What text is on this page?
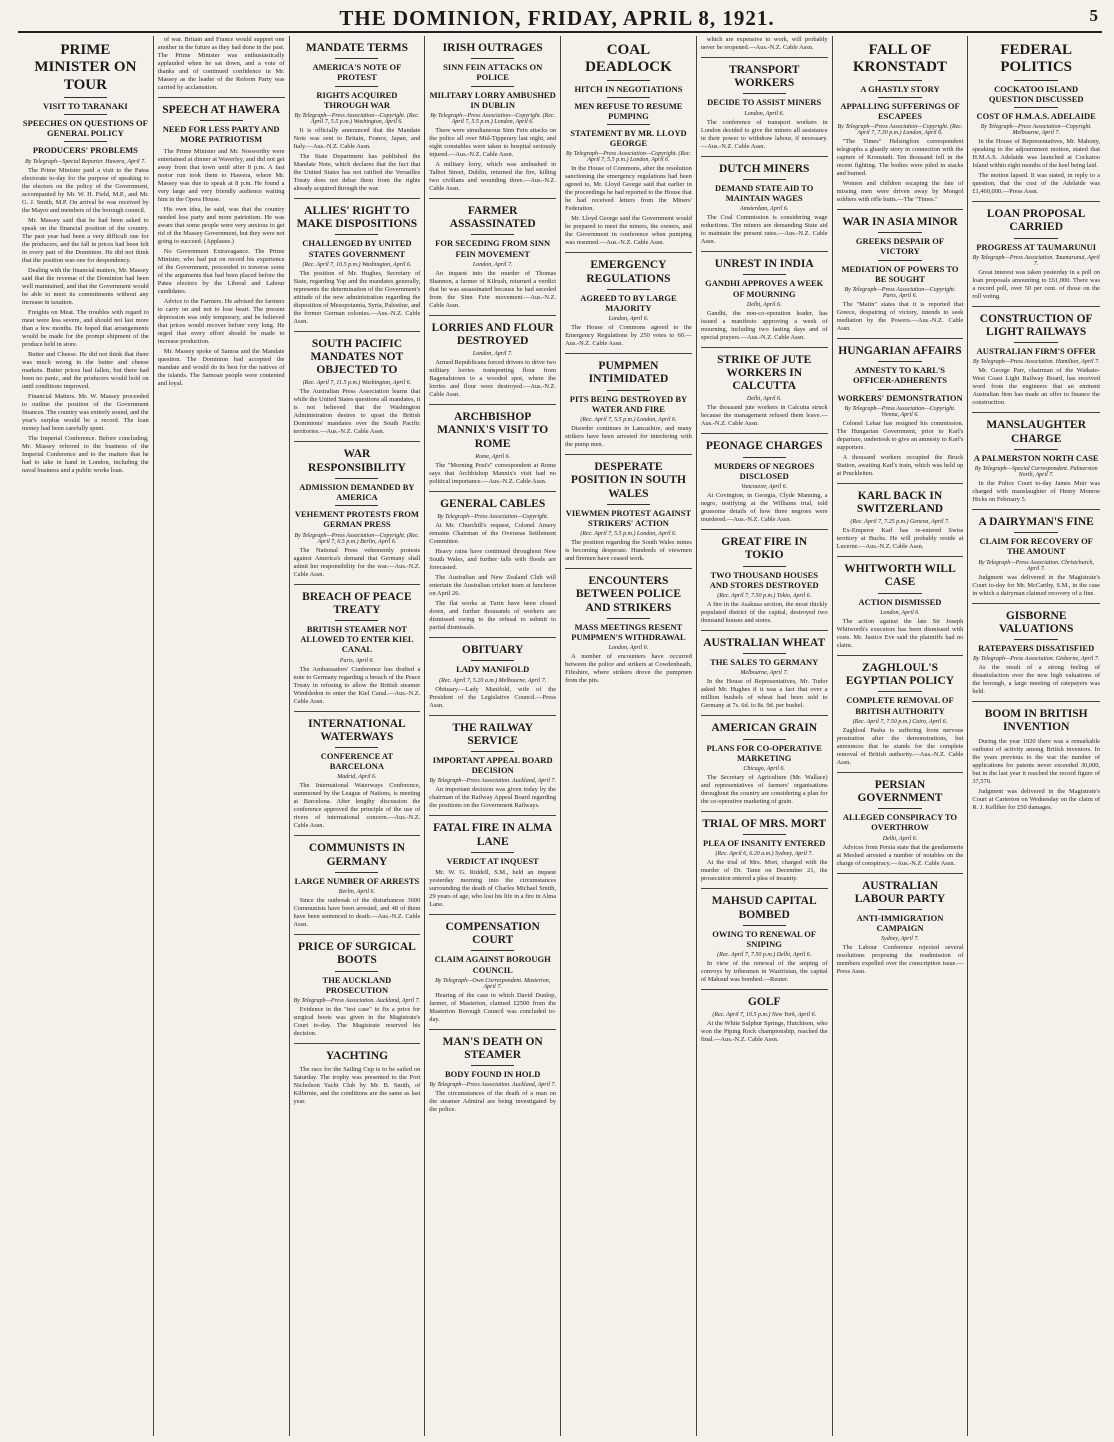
THE DOMINION, FRIDAY, APRIL 8, 1921.	5
PRIME MINISTER ON TOUR
VISIT TO TARANAKI
SPEECHES ON QUESTIONS OF GENERAL POLICY
PRODUCERS' PROBLEMS
By Telegraph—Special Reporter. Hawera, April 7.

The Prime Minister paid a visit to the Patea electorate to-day for the purpose of speaking to the electors on the policy of the Government, accompanied by Mr. W. H. Field, M.P., and Mr. G. J. Smith, M.P. On arrival he was received by the Mayor and members of the borough council.

Mr. Massey said that he had been asked to speak on the financial position of the country. The past year had been a very difficult one for the producers, and the fall in prices had been felt in every part of the Dominion. He did not think that the position was one for despondency.

Dealing with the financial matters, Mr. Massey said that the revenue of the Dominion had been well maintained, and that the Government would be able to meet its commitments without any increase in taxation.

Freights on Meat. The troubles with regard to meat were less severe, and should not last more than a few months. He hoped that arrangements would be made for the prompt shipment of the produce held in store.

Butter and Cheese. He did not think that there was much wrong in the butter and cheese markets. Butter prices had fallen, but there had been no panic, and the producers would hold on until conditions improved.

Financial Matters. Mr. W. Massey proceeded to outline the position of the Government finances. The country was entirely sound, and the year's surplus would be a record. The loan money had been carefully spent.

The Imperial Conference. Before concluding, Mr. Massey referred to the business of the Imperial Conference and to the matters that he had to take in hand in London, including the naval business and a public works loan.

of war. Britain and France would support one another in the future as they had done in the past. The Prime Minister was enthusiastically applauded when he sat down, and a vote of thanks and of continued confidence in Mr. Massey as the leader of the Reform Party was carried by acclamation.

SPEECH AT HAWERA
NEED FOR LESS PARTY AND MORE PATRIOTISM

The Prime Minister and Mr. Nosworthy were entertained at dinner at Waverley, and did not get away from that town until after 8 p.m. A fast motor run took them to Hawera, where Mr. Massey was due to speak at 8 p.m. He found a very large and very friendly audience waiting him in the Opera House.

His own idea, he said, was that the country needed less party and more patriotism. He was aware that some people were very anxious to get rid of the Massey Government, but they were not going to succeed. (Applause.)

No Government Extravagance. The Prime Minister, who had put on record his experience of the Government, proceeded to traverse some of the arguments that had been placed before the Patea electors by the Liberal and Labour candidates.

Advice to the Farmers. He advised the farmers to carry on and not to lose heart. The present depression was only temporary, and he believed that prices would recover before very long. He urged that every effort should be made to increase production.

Mr. Massey spoke of Samoa and the Mandate question. The Dominion had accepted the mandate and would do its best for the natives of the islands. The Samoan people were contented and loyal.

MANDATE TERMS
AMERICA'S NOTE OF PROTEST
RIGHTS ACQUIRED THROUGH WAR
By Telegraph—Press Association—Copyright. (Rec. April 7, 5.5 p.m.) Washington, April 6.

It is officially announced that the Mandate Note was sent to Britain, France, Japan, and Italy.—Aus.-N.Z. Cable Assn.

The State Department has published the Mandate Note, which declares that the fact that the United States has not ratified the Versailles Treaty does not debar them from the rights already acquired through the war.

ALLIES' RIGHT TO MAKE DISPOSITIONS
CHALLENGED BY UNITED STATES GOVERNMENT
(Rec. April 7, 10.5 p.m.) Washington, April 6.

The position of Mr. Hughes, Secretary of State, regarding Yap and the mandates generally, represents the determination of the Government's attitude of the new administration regarding the disposition of Mesopotamia, Syria, Palestine, and the former German colonies.—Aus.-N.Z. Cable Assn.

SOUTH PACIFIC MANDATES NOT OBJECTED TO
(Rec. April 7, 11.5 p.m.) Washington, April 6.

The Australian Press Association learns that while the United States questions all mandates, it is not believed that the Washington Administration desires to upset the British Dominions' mandates over the South Pacific territories.—Aus.-N.Z. Cable Assn.

WAR RESPONSIBILITY
ADMISSION DEMANDED BY AMERICA
VEHEMENT PROTESTS FROM GERMAN PRESS
By Telegraph—Press Association—Copyright. (Rec. April 7, 6.5 p.m.) Berlin, April 6.

The National Press vehemently protests against America's demand that Germany shall admit her responsibility for the war.—Aus.-N.Z. Cable Assn.

BREACH OF PEACE TREATY
BRITISH STEAMER NOT ALLOWED TO ENTER KIEL CANAL
Paris, April 6.

The Ambassadors' Conference has drafted a note to Germany regarding a breach of the Peace Treaty in refusing to allow the British steamer Wimbledon to enter the Kiel Canal.—Aus.-N.Z. Cable Assn.

INTERNATIONAL WATERWAYS
CONFERENCE AT BARCELONA
Madrid, April 6.

The International Waterways Conference, summoned by the League of Nations, is meeting at Barcelona. After lengthy discussion the conference approved the principle of the use of rivers of international concern.—Aus.-N.Z. Cable Assn.

COMMUNISTS IN GERMANY
LARGE NUMBER OF ARRESTS
Berlin, April 6.

Since the outbreak of the disturbances 3600 Communists have been arrested, and 48 of them have been sentenced to death.—Aus.-N.Z. Cable Assn.

PRICE OF SURGICAL BOOTS
THE AUCKLAND PROSECUTION
By Telegraph—Press Association. Auckland, April 7.

Evidence in the "test case" to fix a price for surgical boots was given in the Magistrate's Court to-day. The Magistrate reserved his decision.

YACHTING

The race for the Sailing Cup is to be sailed on Saturday. The trophy was presented to the Port Nicholson Yacht Club by Mr. B. Smith, of Kilbirnie, and the conditions are the same as last year.

IRISH OUTRAGES
SINN FEIN ATTACKS ON POLICE
MILITARY LORRY AMBUSHED IN DUBLIN
By Telegraph—Press Association—Copyright. (Rec. April 7, 5.5 p.m.) London, April 6.

There were simultaneous Sinn Fein attacks on the police all over Mid-Tipperary last night, and eight constables were taken to hospital seriously injured.—Aus.-N.Z. Cable Assn.

A military lorry, which was ambushed in Talbot Street, Dublin, returned the fire, killing two civilians and wounding three.—Aus.-N.Z. Cable Assn.

FARMER ASSASSINATED
FOR SECEDING FROM SINN FEIN MOVEMENT
London, April 7.

An inquest into the murder of Thomas Shannon, a farmer of Kilrush, returned a verdict that he was assassinated because he had seceded from the Sinn Fein movement.—Aus.-N.Z. Cable Assn.

LORRIES AND FLOUR DESTROYED
London, April 7.

Armed Republicans forced drivers to drive two military lorries transporting flour from Bagenalstown to a wooded spot, where the lorries and flour were destroyed.—Aus.-N.Z. Cable Assn.

ARCHBISHOP MANNIX'S VISIT TO ROME
Rome, April 6.

The "Morning Post's" correspondent at Rome says that Archbishop Mannix's visit had no political importance.—Aus.-N.Z. Cable Assn.

GENERAL CABLES
By Telegraph—Press Association—Copyright.

At Mr. Churchill's request, Colonel Amery remains Chairman of the Overseas Settlement Committee.

Heavy rains have continued throughout New South Wales, and further falls with floods are forecasted.

The Australian and New Zealand Club will entertain the Australian cricket team at luncheon on April 26.

The flat works at Turin have been closed down, and further thousands of workers are dismissed owing to the refusal to submit to partial dismissals.

OBITUARY
LADY MANIFOLD
(Rec. April 7, 5.20 a.m.) Melbourne, April 7.

Obituary.—Lady Manifold, wife of the President of the Legislative Council.—Press Assn.

THE RAILWAY SERVICE
IMPORTANT APPEAL BOARD DECISION
By Telegraph—Press Association. Auckland, April 7.

An important decision was given today by the chairman of the Railway Appeal Board regarding the positions on the Government Railways.

FATAL FIRE IN ALMA LANE
VERDICT AT INQUEST

Mr. W. G. Riddell, S.M., held an inquest yesterday morning into the circumstances surrounding the death of Charles Michael Smith, 29 years of age, who lost his life in a fire in Alma Lane.

COMPENSATION COURT
CLAIM AGAINST BOROUGH COUNCIL
By Telegraph—Own Correspondent. Masterton, April 7.

Hearing of the case in which David Dunlop, farmer, of Masterton, claimed £2500 from the Masterton Borough Council was concluded to-day.

MAN'S DEATH ON STEAMER
BODY FOUND IN HOLD
By Telegraph—Press Association. Auckland, April 7.

The circumstances of the death of a man on the steamer Admiral are being investigated by the police.

COAL DEADLOCK
HITCH IN NEGOTIATIONS
MEN REFUSE TO RESUME PUMPING
STATEMENT BY MR. LLOYD GEORGE
By Telegraph—Press Association—Copyright. (Rec. April 7, 5.5 p.m.) London, April 6.

In the House of Commons, after the resolution sanctioning the emergency regulations had been agreed to, Mr. Lloyd George said that earlier in the proceedings he had reported to the House that he had received letters from the Miners' Federation.

Mr. Lloyd George said the Government would be prepared to meet the miners, the owners, and the Government in conference when pumping was resumed.—Aus.-N.Z. Cable Assn.

EMERGENCY REGULATIONS
AGREED TO BY LARGE MAJORITY
London, April 6.

The House of Commons agreed to the Emergency Regulations by 250 votes to 60.—Aus.-N.Z. Cable Assn.

PUMPMEN INTIMIDATED
PITS BEING DESTROYED BY WATER AND FIRE
(Rec. April 7, 5.5 p.m.) London, April 6.

Disorder continues in Lancashire, and many strikers have been arrested for interfering with the pump men.

DESPERATE POSITION IN SOUTH WALES
VIEWMEN PROTEST AGAINST STRIKERS' ACTION
(Rec. April 7, 5.5 p.m.) London, April 6.

The position regarding the South Wales mines is becoming desperate. Hundreds of viewmen and firemen have ceased work.

ENCOUNTERS BETWEEN POLICE AND STRIKERS
MASS MEETINGS RESENT PUMPMEN'S WITHDRAWAL
London, April 6.

A number of encounters have occurred between the police and strikers at Cowdenbeath, Fifeshire, where strikers drove the pumpmen from the pits.

which are expensive to work, will probably never be reopened.—Aus.-N.Z. Cable Assn.

TRANSPORT WORKERS
DECIDE TO ASSIST MINERS
London, April 6.

The conference of transport workers in London decided to give the miners all assistance in their power to withdraw labour, if necessary.—Aus.-N.Z. Cable Assn.

DUTCH MINERS
DEMAND STATE AID TO MAINTAIN WAGES
Amsterdam, April 6.

The Coal Commission is considering wage reductions. The miners are demanding State aid to maintain the present rates.—Aus.-N.Z. Cable Assn.

UNREST IN INDIA
GANDHI APPROVES A WEEK OF MOURNING
Delhi, April 6.

Gandhi, the non-co-operation leader, has issued a manifesto approving a week of mourning, including two fasting days and of special prayers.—Aus.-N.Z. Cable Assn.

STRIKE OF JUTE WORKERS IN CALCUTTA
Delhi, April 6.

The thousand jute workers in Calcutta struck because the management refused them leave.—Aus.-N.Z. Cable Assn.

PEONAGE CHARGES
MURDERS OF NEGROES DISCLOSED
Vancouver, April 6.

At Covington, in Georgia, Clyde Manning, a negro, testifying at the Williams trial, told gruesome details of how three negroes were murdered.—Aus.-N.Z. Cable Assn.

GREAT FIRE IN TOKIO
TWO THOUSAND HOUSES AND STORES DESTROYED
(Rec. April 7, 7.50 p.m.) Tokio, April 6.

A fire in the Asakusa section, the most thickly populated district of the capital, destroyed two thousand houses and stores.

AUSTRALIAN WHEAT
THE SALES TO GERMANY
Melbourne, April 7.

In the House of Representatives, Mr. Tudor asked Mr. Hughes if it was a fact that over a million bushels of wheat had been sold to Germany at 7s. 6d. to 8s. 9d. per bushel.

AMERICAN GRAIN
PLANS FOR CO-OPERATIVE MARKETING
Chicago, April 6.

The Secretary of Agriculture (Mr. Wallace) and representatives of farmers' organisations throughout the country are considering a plan for the co-operative marketing of grain.

TRIAL OF MRS. MORT
PLEA OF INSANITY ENTERED
(Rec. April 6, 6.20 a.m.) Sydney, April 7.

At the trial of Mrs. Mort, charged with the murder of Dr. Tame on December 21, the prosecution entered a plea of insanity.

MAHSUD CAPITAL BOMBED
OWING TO RENEWAL OF SNIPING
(Rec. April 7, 7.50 p.m.) Delhi, April 6.

In view of the renewal of the sniping of convoys by tribesmen in Waziristan, the capital of Mahsud was bombed.—Reuter.

GOLF
(Rec. April 7, 10.5 p.m.) New York, April 6.

At the White Sulphur Springs, Hutchison, who won the Piping Rock championship, reached the final.—Aus.-N.Z. Cable Assn.

FALL OF KRONSTADT
A GHASTLY STORY
APPALLING SUFFERINGS OF ESCAPEES
By Telegraph—Press Association—Copyright. (Rec. April 7, 7.30 p.m.) London, April 6.

"The Times" Helsingfors correspondent telegraphs a ghastly story in connection with the capture of Kronstadt. Ten thousand fell in the recent fighting. The bodies were piled in stacks and burned.

Women and children escaping the fate of missing men were driven away by Mongol soldiers with rifle butts.—The "Times."

WAR IN ASIA MINOR
GREEKS DESPAIR OF VICTORY
MEDIATION OF POWERS TO BE SOUGHT
By Telegraph—Press Association—Copyright. Paris, April 6.

The "Matin" states that it is reported that Greece, despairing of victory, intends to seek mediation by the Powers.—Aus.-N.Z. Cable Assn.

HUNGARIAN AFFAIRS
AMNESTY TO KARL'S OFFICER-ADHERENTS
WORKERS' DEMONSTRATION
By Telegraph—Press Association—Copyright. Vienna, April 6.

Colonel Lehar has resigned his commission. The Hungarian Government, prior to Karl's departure, undertook to give an amnesty to Karl's supporters.

A thousand workers occupied the Bruck Station, awaiting Karl's train, which was held up at Pruckleiten.

KARL BACK IN SWITZERLAND
(Rec. April 7, 7.25 p.m.) Geneva, April 7.

Ex-Emperor Karl has re-entered Swiss territory at Buchs. He will probably reside at Lucerne.—Aus.-N.Z. Cable Assn.

WHITWORTH WILL CASE
ACTION DISMISSED
London, April 6.

The action against the late Sir Joseph Whitworth's executors has been dismissed with costs. Mr. Justice Eve said the plaintiffs had no claim.

ZAGHLOUL'S EGYPTIAN POLICY
COMPLETE REMOVAL OF BRITISH AUTHORITY
(Rec. April 7, 7.50 p.m.) Cairo, April 6.

Zaghloul Pasha is suffering from nervous prostration after the demonstrations, but announces that he stands for the complete removal of British authority.—Aus.-N.Z. Cable Assn.

PERSIAN GOVERNMENT
ALLEGED CONSPIRACY TO OVERTHROW
Delhi, April 6.

Advices from Persia state that the gendarmerie at Meshed arrested a number of notables on the charge of conspiracy.—Aus.-N.Z. Cable Assn.

AUSTRALIAN LABOUR PARTY
ANTI-IMMIGRATION CAMPAIGN
Sydney, April 7.

The Labour Conference rejected several resolutions proposing the readmission of members expelled over the conscription issue.—Press Assn.

FEDERAL POLITICS
COCKATOO ISLAND QUESTION DISCUSSED
COST OF H.M.A.S. ADELAIDE
By Telegraph—Press Association—Copyright. Melbourne, April 7.

In the House of Representatives, Mr. Mahony, speaking to the adjournment motion, stated that H.M.A.S. Adelaide was launched at Cockatoo Island within eight months of the keel being laid.

The motion lapsed. It was stated, in reply to a question, that the cost of the Adelaide was £1,460,000.—Press Assn.

LOAN PROPOSAL CARRIED
PROGRESS AT TAUMARUNUI
By Telegraph—Press Association. Taumarunui, April 7.

Great interest was taken yesterday in a poll on loan proposals amounting to £61,000. There was a record poll, over 50 per cent. of those on the roll voting.

CONSTRUCTION OF LIGHT RAILWAYS
AUSTRALIAN FIRM'S OFFER
By Telegraph—Press Association. Hamilton, April 7.

Mr. George Parr, chairman of the Waikato-West Coast Light Railway Board, has received word from the engineers that an eminent Australian firm has made an offer to finance the construction.

MANSLAUGHTER CHARGE
A PALMERSTON NORTH CASE
By Telegraph—Special Correspondent. Palmerston North, April 7.

In the Police Court to-day James Muir was charged with manslaughter of Henry Monroe Hicks on February 5.

A DAIRYMAN'S FINE
CLAIM FOR RECOVERY OF THE AMOUNT
By Telegraph—Press Association. Christchurch, April 7.

Judgment was delivered in the Magistrate's Court to-day for Mr. McCarthy, S.M., in the case in which a dairyman claimed recovery of a fine.

GISBORNE VALUATIONS
RATEPAYERS DISSATISFIED
By Telegraph—Press Association. Gisborne, April 7.

As the result of a strong feeling of dissatisfaction over the new high valuations of the borough, a large meeting of ratepayers was held.

BOOM IN BRITISH INVENTION

During the year 1920 there was a remarkable outburst of activity among British inventors. In the years previous to the war the number of applications for patents never exceeded 30,000, but in the last year it reached the record figure of 37,570.

Judgment was delivered in the Magistrate's Court at Carterton on Wednesday on the claim of R. J. Kelliher for £50 damages.
